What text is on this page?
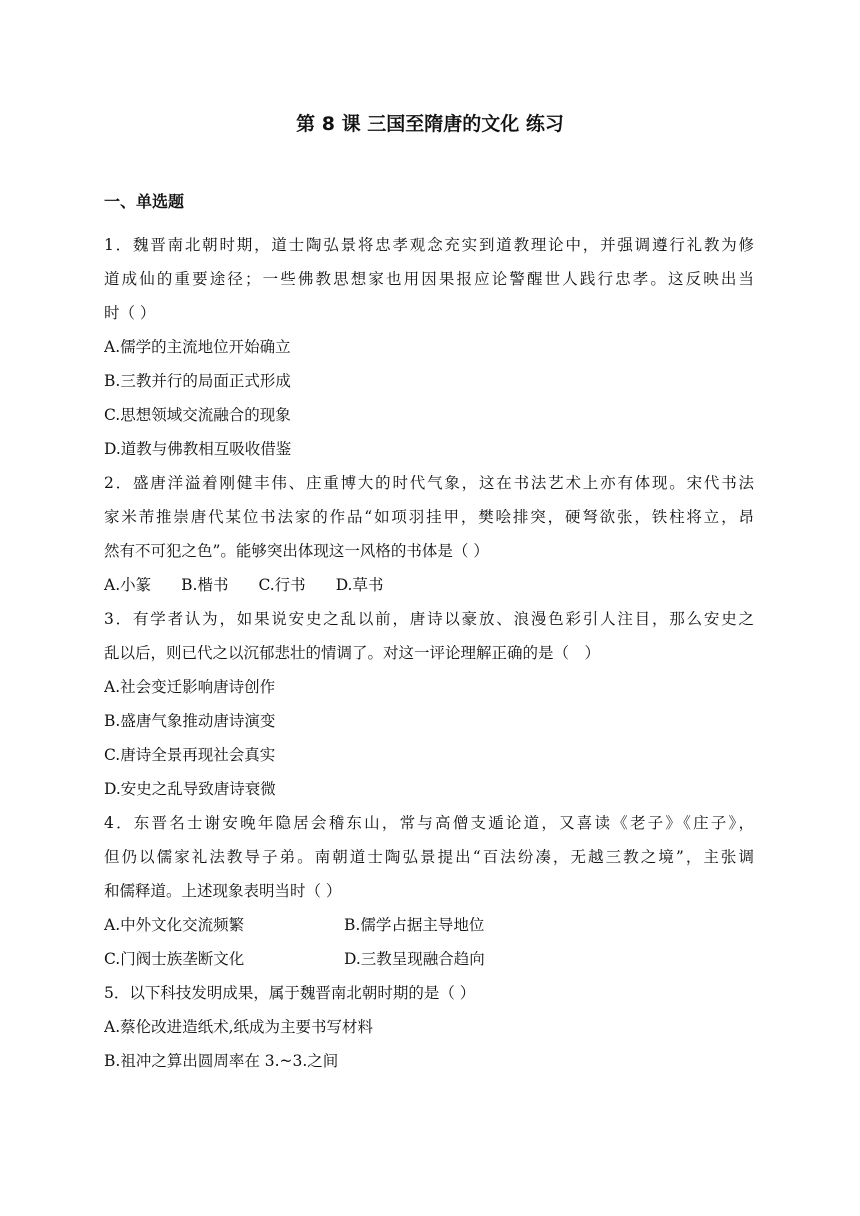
第 8 课 三国至隋唐的文化 练习
一、单选题
1．魏晋南北朝时期，道士陶弘景将忠孝观念充实到道教理论中，并强调遵行礼教为修
道成仙的重要途径；一些佛教思想家也用因果报应论警醒世人践行忠孝。这反映出当
时（ ）
A.儒学的主流地位开始确立
B.三教并行的局面正式形成
C.思想领域交流融合的现象
D.道教与佛教相互吸收借鉴
2．盛唐洋溢着刚健丰伟、庄重博大的时代气象，这在书法艺术上亦有体现。宋代书法
家米芾推崇唐代某位书法家的作品“如项羽挂甲，樊哙排突，硬弩欲张，铁柱将立，昂
然有不可犯之色”。能够突出体现这一风格的书体是（ ）
A.小篆 B.楷书 C.行书 D.草书
3．有学者认为，如果说安史之乱以前，唐诗以豪放、浪漫色彩引人注目，那么安史之
乱以后，则已代之以沉郁悲壮的情调了。对这一评论理解正确的是（　）
A.社会变迁影响唐诗创作
B.盛唐气象推动唐诗演变
C.唐诗全景再现社会真实
D.安史之乱导致唐诗衰微
4．东晋名士谢安晚年隐居会稽东山，常与高僧支遁论道，又喜读《老子》《庄子》，
但仍以儒家礼法教导子弟。南朝道士陶弘景提出“百法纷凑，无越三教之境”，主张调
和儒释道。上述现象表明当时（ ）
A.中外文化交流频繁	B.儒学占据主导地位
C.门阀士族垄断文化	D.三教呈现融合趋向
5．以下科技发明成果，属于魏晋南北朝时期的是（ ）
A.蔡伦改进造纸术,纸成为主要书写材料
B.祖冲之算出圆周率在 3.~3.之间
